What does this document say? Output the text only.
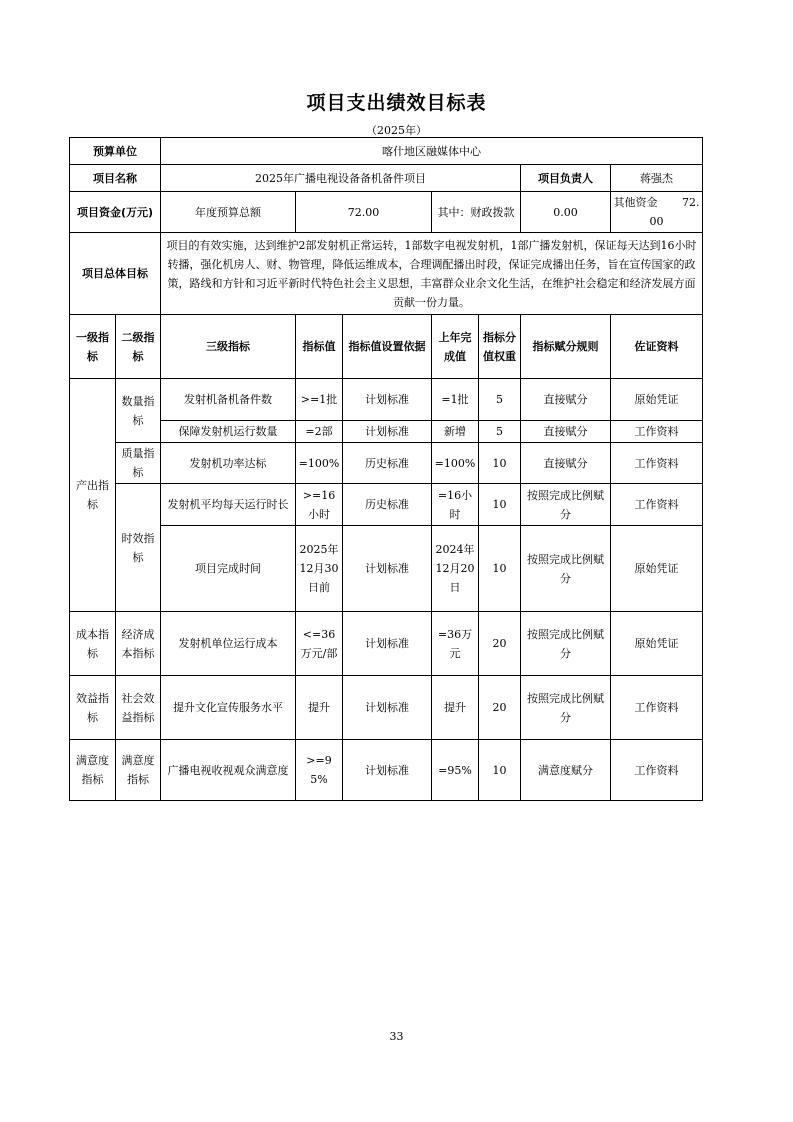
项目支出绩效目标表
（2025年）
预算单位		喀什地区融媒体中心						
项目名称		2025年广播电视设备备机备件项目					项目负责人	蒋强杰
项目资金(万元)		年度预算总额	72.00		其中：财政拨款		0.00	其他资金 72.00
项目总体目标		项目的有效实施，达到维护2部发射机正常运转，1部数字电视发射机，1部广播发射机，保证每天达到16小时转播，强化机房人、财、物管理，降低运维成本，合理调配播出时段，保证完成播出任务，旨在宣传国家的政策，路线和方针和习近平新时代特色社会主义思想，丰富群众业余文化生活，在维护社会稳定和经济发展方面贡献一份力量。						
一级指标	二级指标	三级指标	指标值	指标值设置依据	上年完成值	指标分值权重	指标赋分规则	佐证资料
产出指标	数量指标	发射机备机备件数	>=1批	计划标准	=1批	5	直接赋分	原始凭证
		保障发射机运行数量	=2部	计划标准	新增	5	直接赋分	工作资料
	质量指标	发射机功率达标	=100%	历史标准	=100%	10	直接赋分	工作资料
	时效指标	发射机平均每天运行时长	>=16小时	历史标准	=16小时	10	按照完成比例赋分	工作资料
		项目完成时间	2025年12月30日前	计划标准	2024年12月20日	10	按照完成比例赋分	原始凭证
成本指标	经济成本指标	发射机单位运行成本	<=36万元/部	计划标准	=36万元	20	按照完成比例赋分	原始凭证
效益指标	社会效益指标	提升文化宣传服务水平	提升	计划标准	提升	20	按照完成比例赋分	工作资料
满意度指标	满意度指标	广播电视收视观众满意度	>=95%	计划标准	=95%	10	满意度赋分	工作资料
33
